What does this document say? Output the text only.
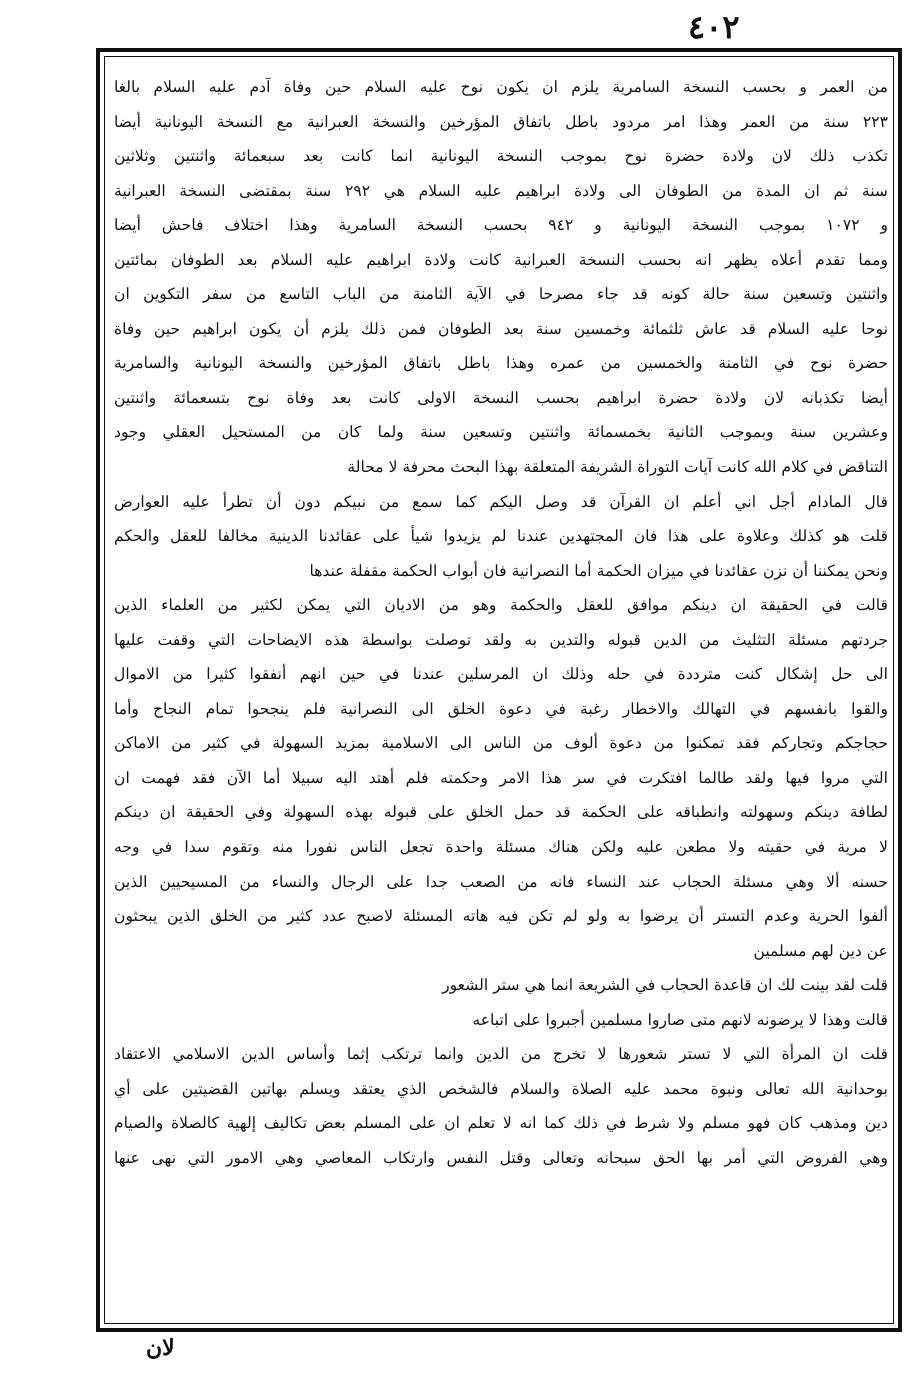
٤٠٢
من العمر و بحسب النسخة السامرية يلزم ان يكون نوح عليه السلام حين وفاة آدم عليه السلام بالغا
٢٢٣ سنة من العمر وهذا امر مردود باطل باتفاق المؤرخين والنسخة العبرانية مع النسخة اليونانية أيضا
تكذب ذلك لان ولادة حضرة نوح بموجب النسخة اليونانية انما كانت بعد سبعمائة واثنتين وثلاثين
سنة ثم ان المدة من الطوفان الى ولادة ابراهيم عليه السلام هي ٢٩٢ سنة بمقتضى النسخة العبرانية
و ١٠٧٢ بموجب النسخة اليونانية و ٩٤٢ بحسب النسخة السامرية وهذا اختلاف فاحش أيضا
ومما تقدم أعلاه يظهر انه بحسب النسخة العبرانية كانت ولادة ابراهيم عليه السلام بعد الطوفان بمائتين
واثنتين وتسعين سنة حالة كونه قد جاء مصرحا في الآية الثامنة من الباب التاسع من سفر التكوين ان
نوحا عليه السلام قد عاش ثلثمائة وخمسين سنة بعد الطوفان فمن ذلك يلزم أن يكون ابراهيم حين وفاة
حضرة نوح في الثامنة والخمسين من عمره وهذا باطل باتفاق المؤرخين والنسخة اليونانية والسامرية
أيضا تكذبانه لان ولادة حضرة ابراهيم بحسب النسخة الاولى كانت بعد وفاة نوح بتسعمائة واثنتين
وعشرين سنة وبموجب الثانية بخمسمائة واثنتين وتسعين سنة ولما كان من المستحيل العقلي وجود
التناقض في كلام الله كانت آيات التوراة الشريفة المتعلقة بهذا البحث محرفة لا محالة
قال المادام أجل اني أعلم ان القرآن قد وصل اليكم كما سمع من نبيكم دون أن تطرأ عليه العوارض
قلت هو كذلك وعلاوة على هذا فان المجتهدين عندنا لم يزيدوا شيأ على عقائدنا الدينية مخالفا للعقل والحكم
ونحن يمكننا أن نزن عقائدنا في ميزان الحكمة أما النصرانية فان أبواب الحكمة مقفلة عندها
قالت في الحقيقة ان دينكم موافق للعقل والحكمة وهو من الاديان التي يمكن لكثير من العلماء الذين
جردتهم مسئلة التثليث من الدين قبوله والتدين به ولقد توصلت بواسطة هذه الايضاحات التي وقفت عليها
الى حل إشكال كنت مترددة في حله وذلك ان المرسلين عندنا في حين انهم أنفقوا كثيرا من الاموال
والقوا بانفسهم في التهالك والاخطار رغبة في دعوة الخلق الى النصرانية فلم ينجحوا تمام النجاح وأما
حجاجكم وتجاركم فقد تمكنوا من دعوة ألوف من الناس الى الاسلامية بمزيد السهولة في كثير من الاماكن
التي مروا فيها ولقد طالما افتكرت في سر هذا الامر وحكمته فلم أهتد اليه سبيلا أما الآن فقد فهمت ان
لطافة دينكم وسهولته وانطباقه على الحكمة قد حمل الخلق على قبوله بهذه السهولة وفي الحقيقة ان دينكم
لا مرية في حقيته ولا مطعن عليه ولكن هناك مسئلة واحدة تجعل الناس نفورا منه وتقوم سدا في وجه
حسنه ألا وهي مسئلة الحجاب عند النساء فانه من الصعب جدا على الرجال والنساء من المسيحيين الذين
ألفوا الحرية وعدم التستر أن يرضوا به ولو لم تكن فيه هاته المسئلة لاصبح عدد كثير من الخلق الذين يبحثون
عن دين لهم مسلمين
قلت لقد بينت لك ان قاعدة الحجاب في الشريعة انما هي ستر الشعور
قالت وهذا لا يرضونه لانهم متى صاروا مسلمين أجبروا على اتباعه
قلت ان المرأة التي لا تستر شعورها لا تخرج من الدين وانما ترتكب إثما وأساس الدين الاسلامي الاعتقاد
بوحدانية الله تعالى ونبوة محمد عليه الصلاة والسلام فالشخص الذي يعتقد ويسلم بهاتين القضيتين على أي
دين ومذهب كان فهو مسلم ولا شرط في ذلك كما انه لا تعلم ان على المسلم بعض تكاليف إلهية كالصلاة والصيام
وهي الفروض التي أمر بها الحق سبحانه وتعالى وقتل النفس وارتكاب المعاصي وهي الامور التي نهى عنها
لان
